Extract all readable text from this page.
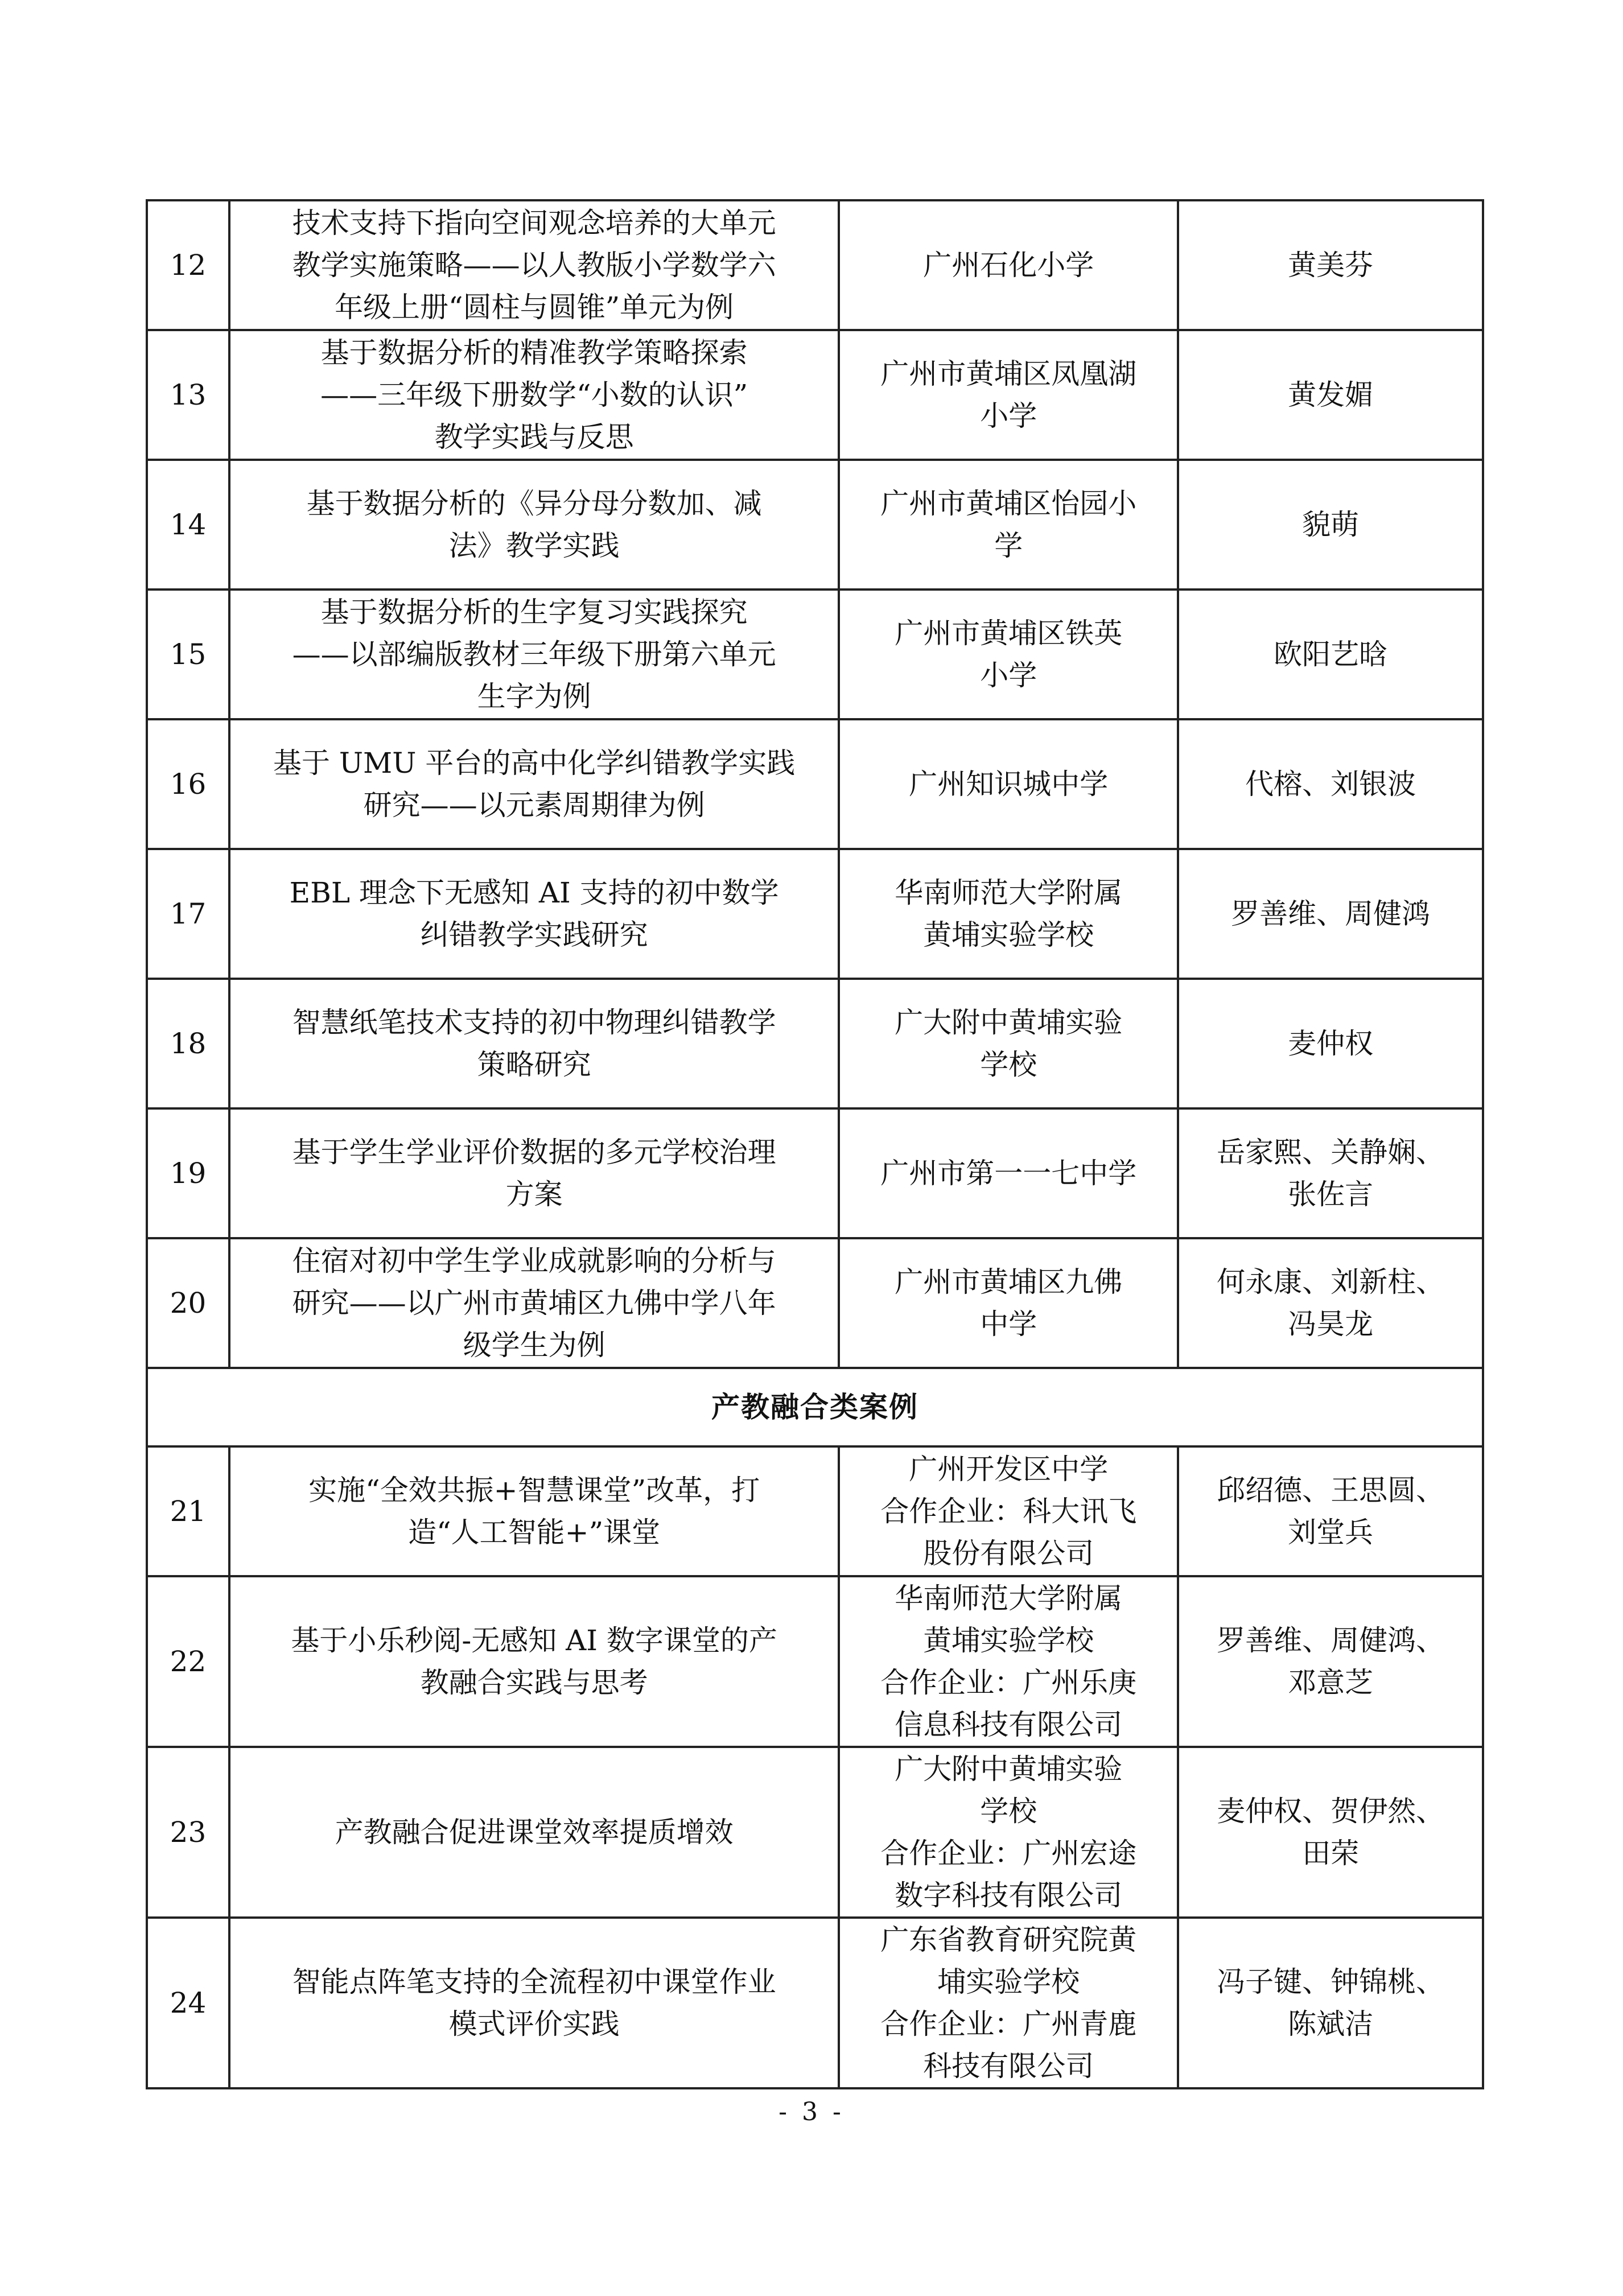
12	技术支持下指向空间观念培养的大单元
教学实施策略——以人教版小学数学六
年级上册“圆柱与圆锥”单元为例	广州石化小学	黄美芬

13	基于数据分析的精准教学策略探索
——三年级下册数学“小数的认识”
教学实践与反思	广州市黄埔区凤凰湖
小学	黄发媚

14	基于数据分析的《异分母分数加、减
法》教学实践	广州市黄埔区怡园小
学	貌萌

15	基于数据分析的生字复习实践探究
——以部编版教材三年级下册第六单元
生字为例	广州市黄埔区铁英
小学	欧阳艺晗

16	基于 UMU 平台的高中化学纠错教学实践
研究——以元素周期律为例	广州知识城中学	代榕、刘银波

17	EBL 理念下无感知 AI 支持的初中数学
纠错教学实践研究	华南师范大学附属
黄埔实验学校	罗善维、周健鸿

18	智慧纸笔技术支持的初中物理纠错教学
策略研究	广大附中黄埔实验
学校	麦仲权

19	基于学生学业评价数据的多元学校治理
方案	广州市第一一七中学	岳家熙、关静娴、
张佐言

20	住宿对初中学生学业成就影响的分析与
研究——以广州市黄埔区九佛中学八年
级学生为例	广州市黄埔区九佛
中学	何永康、刘新柱、
冯昊龙

产教融合类案例			
21	实施“全效共振+智慧课堂”改革，打
造“人工智能+”课堂	广州开发区中学
合作企业：科大讯飞
股份有限公司	邱绍德、王思圆、
刘堂兵

22	基于小乐秒阅-无感知 AI 数字课堂的产
教融合实践与思考	华南师范大学附属
黄埔实验学校
合作企业：广州乐庚
信息科技有限公司	罗善维、周健鸿、
邓意芝

23	产教融合促进课堂效率提质增效	广大附中黄埔实验
学校
合作企业：广州宏途
数字科技有限公司	麦仲权、贺伊然、
田荣

24	智能点阵笔支持的全流程初中课堂作业
模式评价实践	广东省教育研究院黄
埔实验学校
合作企业：广州青鹿
科技有限公司	冯子键、钟锦桃、
陈斌洁
- 3 -
